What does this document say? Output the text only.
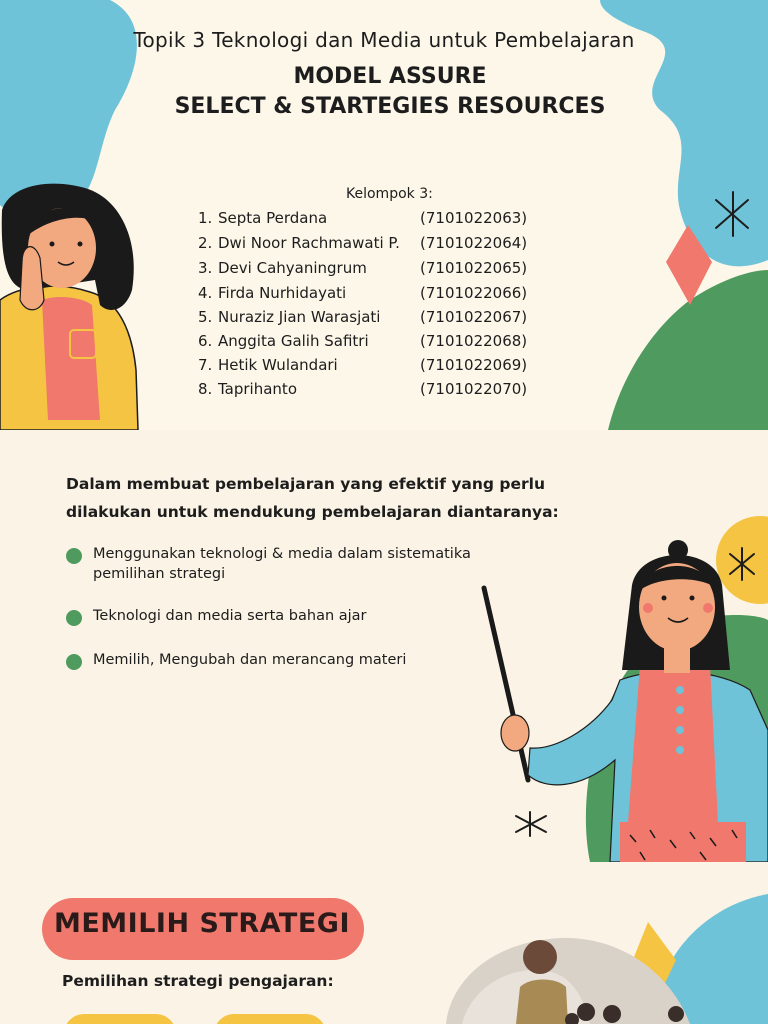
Topik 3 Teknologi dan Media untuk Pembelajaran
MODEL ASSURE
SELECT & STARTEGIES RESOURCES
Kelompok 3:
1. Septa Perdana	(7101022063)
2. Dwi Noor Rachmawati P. (7101022064)
3. Devi Cahyaningrum	(7101022065)
4. Firda Nurhidayati	(7101022066)
5. Nuraziz Jian Warasjati	(7101022067)
6. Anggita Galih Safitri	(7101022068)
7. Hetik Wulandari	(7101022069)
8. Taprihanto	(7101022070)
Dalam membuat pembelajaran yang efektif yang perlu dilakukan untuk mendukung pembelajaran diantaranya:
Menggunakan teknologi & media dalam sistematika pemilihan strategi
Teknologi dan media serta bahan ajar
Memilih, Mengubah dan merancang materi
MEMILIH STRATEGI
Pemilihan strategi pengajaran:
